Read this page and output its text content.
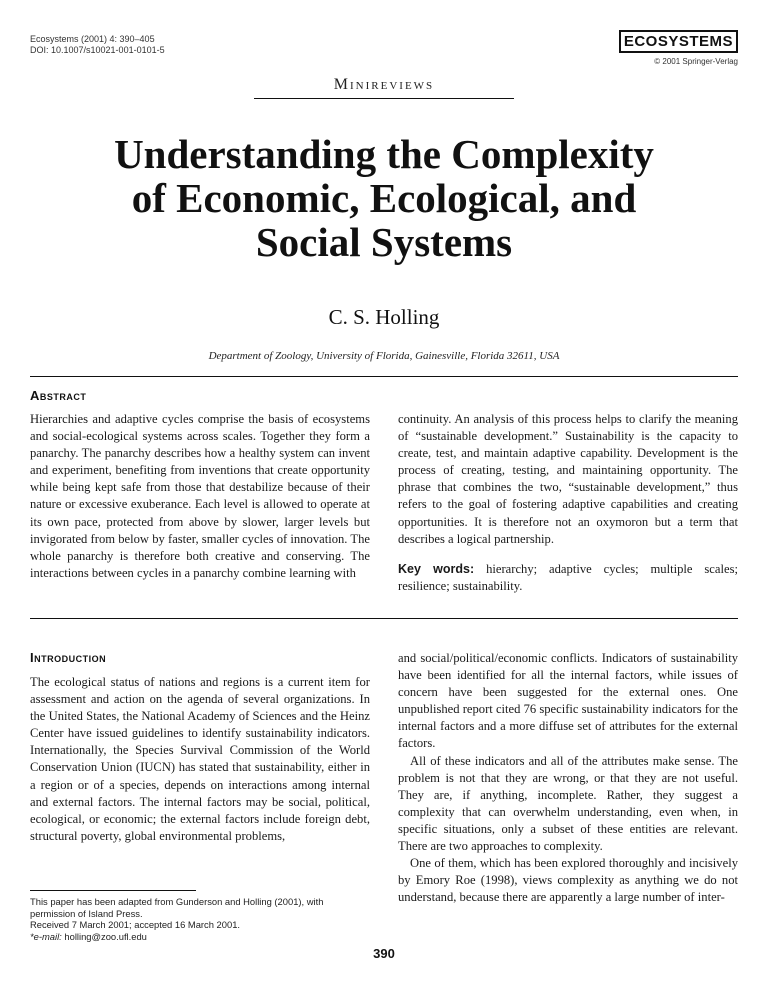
Ecosystems (2001) 4: 390–405
DOI: 10.1007/s10021-001-0101-5	ECOSYSTEMS
© 2001 Springer-Verlag
Minireviews
Understanding the Complexity
of Economic, Ecological, and
Social Systems
C. S. Holling
Department of Zoology, University of Florida, Gainesville, Florida 32611, USA
Abstract

Hierarchies and adaptive cycles comprise the basis of ecosystems and social-ecological systems across scales. Together they form a panarchy. The panarchy describes how a healthy system can invent and experiment, benefiting from inventions that create opportunity while being kept safe from those that destabilize because of their nature or excessive exuberance. Each level is allowed to operate at its own pace, protected from above by slower, larger levels but invigorated from below by faster, smaller cycles of innovation. The whole panarchy is therefore both creative and conserving. The interactions between cycles in a panarchy combine learning with

continuity. An analysis of this process helps to clarify the meaning of “sustainable development.” Sustainability is the capacity to create, test, and maintain adaptive capability. Development is the process of creating, testing, and maintaining opportunity. The phrase that combines the two, “sustainable development,” thus refers to the goal of fostering adaptive capabilities and creating opportunities. It is therefore not an oxymoron but a term that describes a logical partnership.

Key words: hierarchy; adaptive cycles; multiple scales; resilience; sustainability.

Introduction

The ecological status of nations and regions is a current item for assessment and action on the agenda of several organizations. In the United States, the National Academy of Sciences and the Heinz Center have issued guidelines to identify sustainability indicators. Internationally, the Species Survival Commission of the World Conservation Union (IUCN) has stated that sustainability, either in a region or of a species, depends on interactions among internal and external factors. The internal factors may be social, political, ecological, or economic; the external factors include foreign debt, structural poverty, global environmental problems,

and social/political/economic conflicts. Indicators of sustainability have been identified for all the internal factors, while issues of concern have been suggested for the external ones. One unpublished report cited 76 specific sustainability indicators for the internal factors and a more diffuse set of attributes for the external factors.

All of these indicators and all of the attributes make sense. The problem is not that they are wrong, or that they are not useful. They are, if anything, incomplete. Rather, they suggest a complexity that can overwhelm understanding, even when, in specific situations, only a subset of these entities are relevant. There are two approaches to complexity.

One of them, which has been explored thoroughly and incisively by Emory Roe (1998), views complexity as anything we do not understand, because there are apparently a large number of inter-

This paper has been adapted from Gunderson and Holling (2001), with permission of Island Press.
Received 7 March 2001; accepted 16 March 2001.
*e-mail: holling@zoo.ufl.edu
390
